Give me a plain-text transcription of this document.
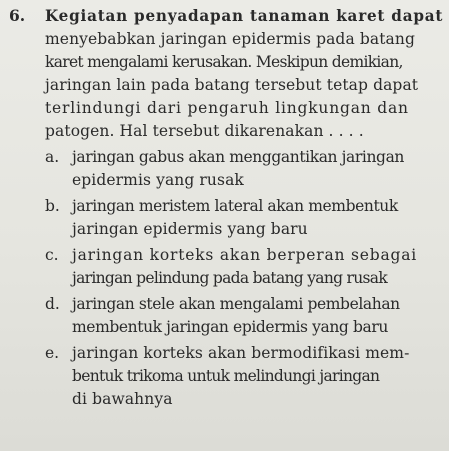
6. Kegiatan penyadapan tanaman karet dapat
menyebabkan jaringan epidermis pada batang
karet mengalami kerusakan. Meskipun demikian,
jaringan lain pada batang tersebut tetap dapat
terlindungi dari pengaruh lingkungan dan
patogen. Hal tersebut dikarenakan . . . .
a. jaringan gabus akan menggantikan jaringan
epidermis yang rusak
b. jaringan meristem lateral akan membentuk
jaringan epidermis yang baru
c. jaringan korteks akan berperan sebagai
jaringan pelindung pada batang yang rusak
d. jaringan stele akan mengalami pembelahan
membentuk jaringan epidermis yang baru
e. jaringan korteks akan bermodifikasi mem-
bentuk trikoma untuk melindungi jaringan
di bawahnya
